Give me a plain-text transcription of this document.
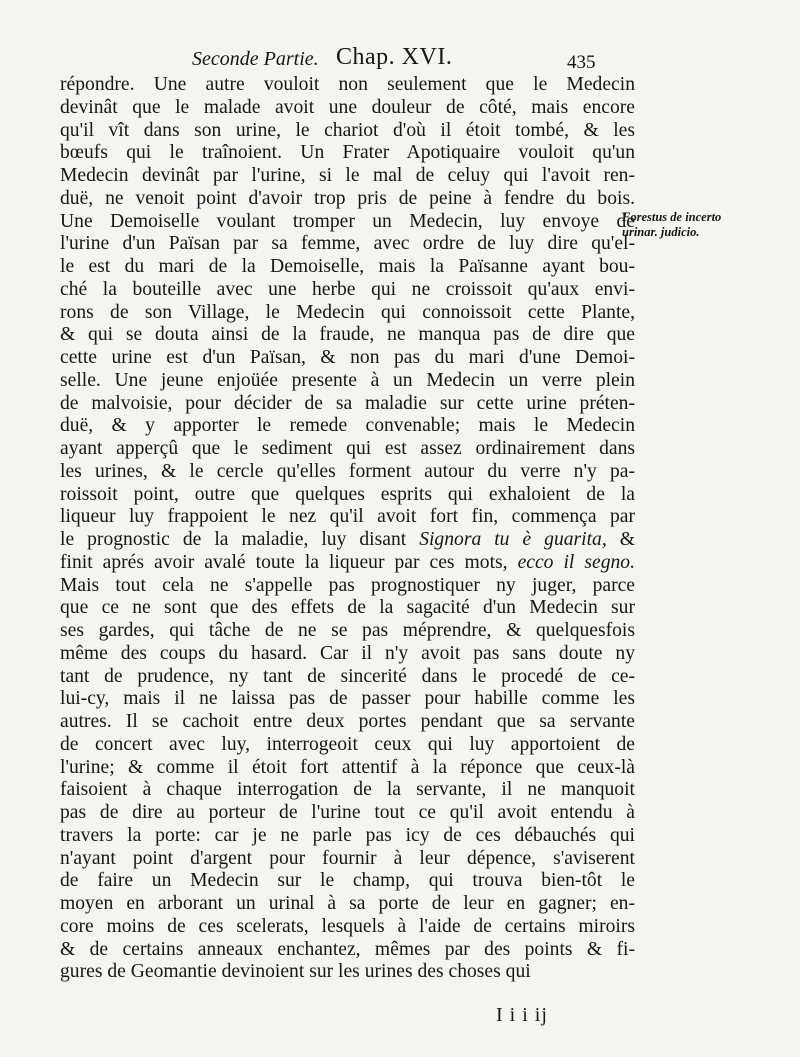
Seconde Partie. Chap. XVI.	435
répondre. Une autre vouloit non seulement que le Medecin
devinât que le malade avoit une douleur de côté, mais encore
qu'il vît dans son urine, le chariot d'où il étoit tombé, & les
bœufs qui le traînoient. Un Frater Apotiquaire vouloit qu'un
Medecin devinât par l'urine, si le mal de celuy qui l'avoit ren-
duë, ne venoit point d'avoir trop pris de peine à fendre du bois.
Une Demoiselle voulant tromper un Medecin, luy envoye de
l'urine d'un Païsan par sa femme, avec ordre de luy dire qu'el-
le est du mari de la Demoiselle, mais la Païsanne ayant bou-
ché la bouteille avec une herbe qui ne croissoit qu'aux envi-
rons de son Village, le Medecin qui connoissoit cette Plante,
& qui se douta ainsi de la fraude, ne manqua pas de dire que
cette urine est d'un Païsan, & non pas du mari d'une Demoi-
selle. Une jeune enjoüée presente à un Medecin un verre plein
de malvoisie, pour décider de sa maladie sur cette urine préten-
duë, & y apporter le remede convenable; mais le Medecin
ayant apperçû que le sediment qui est assez ordinairement dans
les urines, & le cercle qu'elles forment autour du verre n'y pa-
roissoit point, outre que quelques esprits qui exhaloient de la
liqueur luy frappoient le nez qu'il avoit fort fin, commença par
le prognostic de la maladie, luy disant Signora tu è guarita, &
finit aprés avoir avalé toute la liqueur par ces mots, ecco il segno.
Mais tout cela ne s'appelle pas prognostiquer ny juger, parce
que ce ne sont que des effets de la sagacité d'un Medecin sur
ses gardes, qui tâche de ne se pas méprendre, & quelquesfois
même des coups du hasard. Car il n'y avoit pas sans doute ny
tant de prudence, ny tant de sincerité dans le procedé de ce-
lui-cy, mais il ne laissa pas de passer pour habille comme les
autres. Il se cachoit entre deux portes pendant que sa servante
de concert avec luy, interrogeoit ceux qui luy apportoient de
l'urine; & comme il étoit fort attentif à la réponce que ceux-là
faisoient à chaque interrogation de la servante, il ne manquoit
pas de dire au porteur de l'urine tout ce qu'il avoit entendu à
travers la porte: car je ne parle pas icy de ces débauchés qui
n'ayant point d'argent pour fournir à leur dépence, s'aviserent
de faire un Medecin sur le champ, qui trouva bien-tôt le
moyen en arborant un urinal à sa porte de leur en gagner; en-
core moins de ces scelerats, lesquels à l'aide de certains miroirs
& de certains anneaux enchantez, mêmes par des points & fi-
gures de Geomantie devinoient sur les urines des choses qui
Forestus de incerto
urinar. judicio.
I i i ij
